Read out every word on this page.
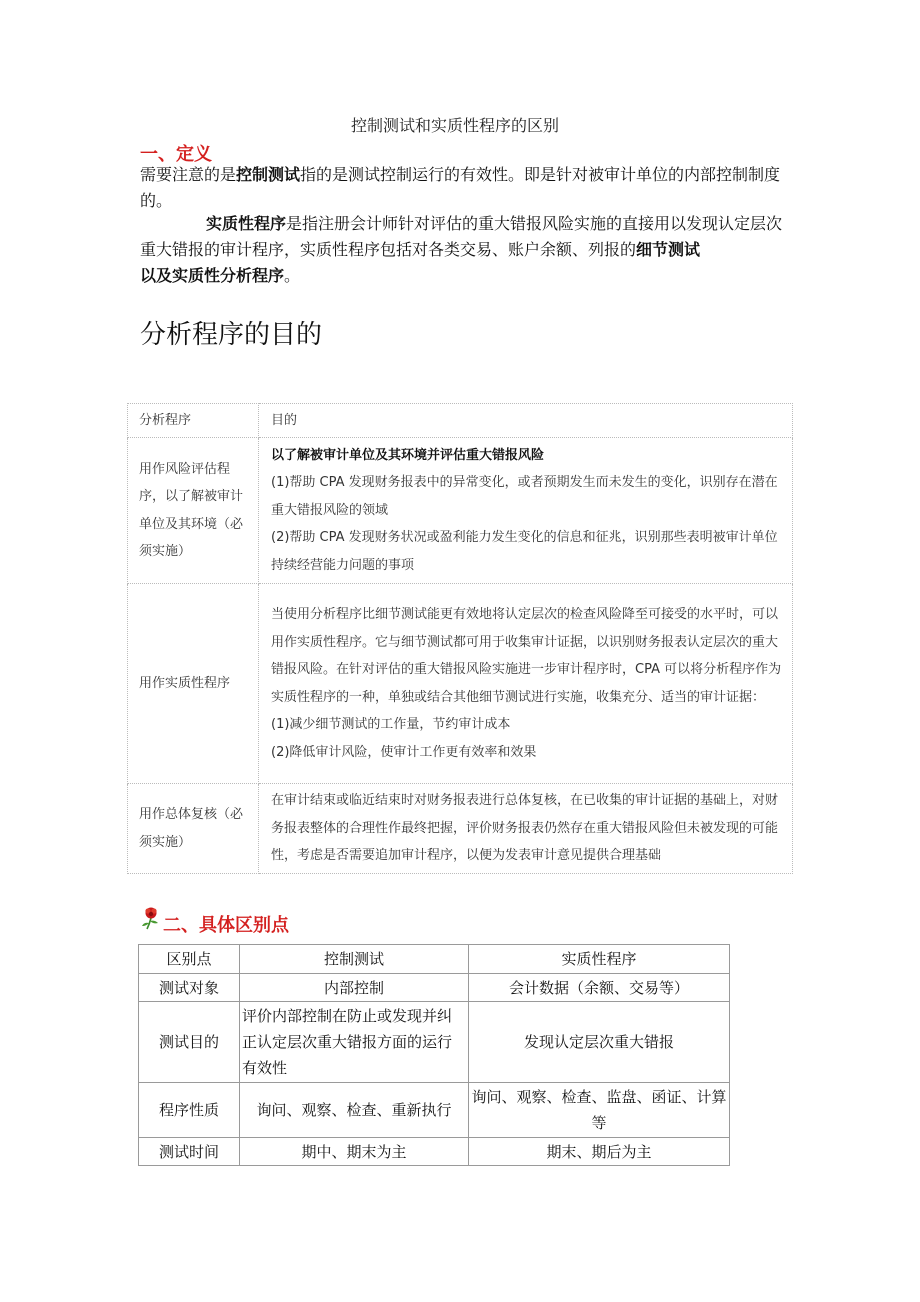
控制测试和实质性程序的区别
一、定义
需要注意的是控制测试指的是测试控制运行的有效性。即是针对被审计单位的内部控制制度的。
实质性程序是指注册会计师针对评估的重大错报风险实施的直接用以发现认定层次重大错报的审计程序，实质性程序包括对各类交易、账户余额、列报的细节测试
以及实质性分析程序。
分析程序的目的
分析程序	目的
用作风险评估程序，以了解被审计单位及其环境（必须实施）	以了解被审计单位及其环境并评估重大错报风险
(1)帮助 CPA 发现财务报表中的异常变化，或者预期发生而未发生的变化，识别存在潜在重大错报风险的领域
(2)帮助 CPA 发现财务状况或盈利能力发生变化的信息和征兆，识别那些表明被审计单位持续经营能力问题的事项

用作实质性程序	当使用分析程序比细节测试能更有效地将认定层次的检查风险降至可接受的水平时，可以用作实质性程序。它与细节测试都可用于收集审计证据，以识别财务报表认定层次的重大错报风险。在针对评估的重大错报风险实施进一步审计程序时，CPA 可以将分析程序作为实质性程序的一种，单独或结合其他细节测试进行实施，收集充分、适当的审计证据：
(1)减少细节测试的工作量，节约审计成本
(2)降低审计风险，使审计工作更有效率和效果

用作总体复核（必须实施）	在审计结束或临近结束时对财务报表进行总体复核，在已收集的审计证据的基础上，对财务报表整体的合理性作最终把握，评价财务报表仍然存在重大错报风险但未被发现的可能性，考虑是否需要追加审计程序，以便为发表审计意见提供合理基础
二、具体区别点
区别点	控制测试	实质性程序
测试对象	内部控制	会计数据（余额、交易等）
测试目的	评价内部控制在防止或发现并纠正认定层次重大错报方面的运行有效性	发现认定层次重大错报
程序性质	询问、观察、检查、重新执行	询问、观察、检查、监盘、函证、计算等
测试时间	期中、期末为主	期末、期后为主
